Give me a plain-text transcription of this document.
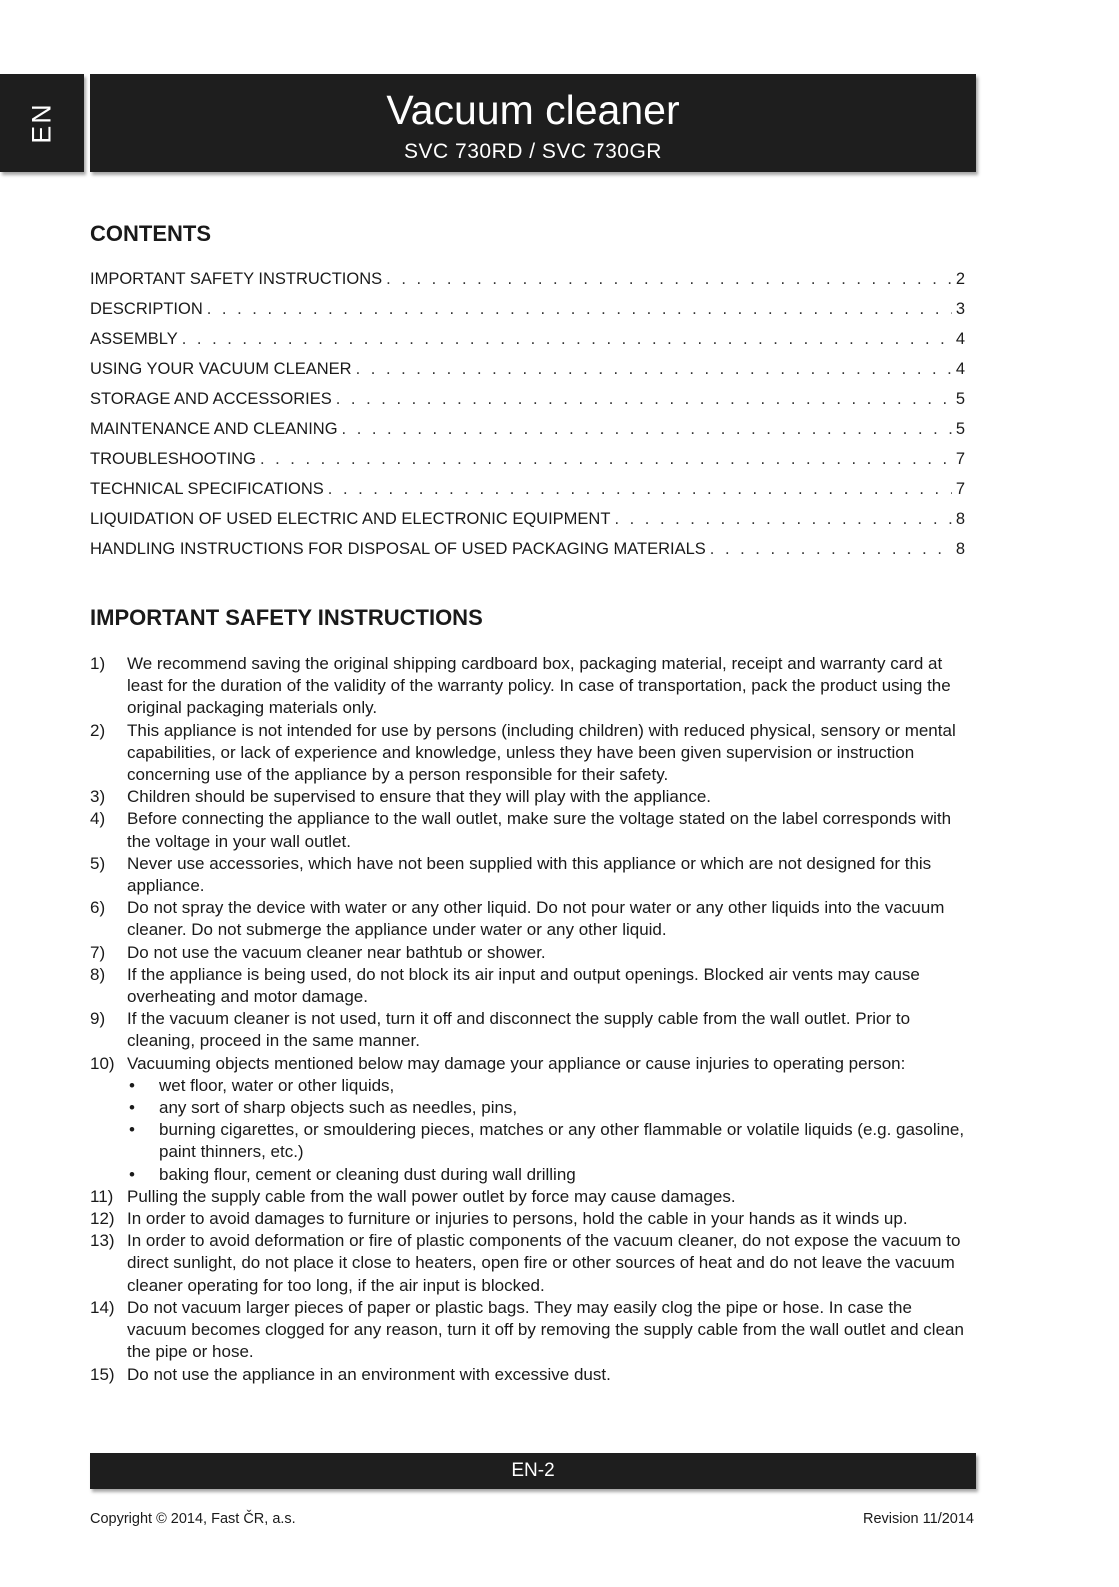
EN	Vacuum cleaner
SVC 730RD / SVC 730GR
CONTENTS
IMPORTANT SAFETY INSTRUCTIONS . . .	2
DESCRIPTION . . .	3
ASSEMBLY . . .	4
USING YOUR VACUUM CLEANER . . .	4
STORAGE AND ACCESSORIES . . .	5
MAINTENANCE AND CLEANING . . .	5
TROUBLESHOOTING . . .	7
TECHNICAL SPECIFICATIONS . . .	7
LIQUIDATION OF USED ELECTRIC AND ELECTRONIC EQUIPMENT . . .	8
HANDLING INSTRUCTIONS FOR DISPOSAL OF USED PACKAGING MATERIALS . . .	8
IMPORTANT SAFETY INSTRUCTIONS
1)	We recommend saving the original shipping cardboard box, packaging material, receipt and warranty card at least for the duration of the validity of the warranty policy. In case of transportation, pack the product using the original packaging materials only.
2)	This appliance is not intended for use by persons (including children) with reduced physical, sensory or mental capabilities, or lack of experience and knowledge, unless they have been given supervision or instruction concerning use of the appliance by a person responsible for their safety.
3)	Children should be supervised to ensure that they will play with the appliance.
4)	Before connecting the appliance to the wall outlet, make sure the voltage stated on the label corresponds with the voltage in your wall outlet.
5)	Never use accessories, which have not been supplied with this appliance or which are not designed for this appliance.
6)	Do not spray the device with water or any other liquid. Do not pour water or any other liquids into the vacuum cleaner. Do not submerge the appliance under water or any other liquid.
7)	Do not use the vacuum cleaner near bathtub or shower.
8)	If the appliance is being used, do not block its air input and output openings. Blocked air vents may cause overheating and motor damage.
9)	If the vacuum cleaner is not used, turn it off and disconnect the supply cable from the wall outlet. Prior to cleaning, proceed in the same manner.
10) Vacuuming objects mentioned below may damage your appliance or cause injuries to operating person:
•	wet floor, water or other liquids,
•	any sort of sharp objects such as needles, pins,
•	burning cigarettes, or smouldering pieces, matches or any other flammable or volatile liquids (e.g. gasoline, paint thinners, etc.)
•	baking flour, cement or cleaning dust during wall drilling
11) Pulling the supply cable from the wall power outlet by force may cause damages.
12) In order to avoid damages to furniture or injuries to persons, hold the cable in your hands as it winds up.
13) In order to avoid deformation or fire of plastic components of the vacuum cleaner, do not expose the vacuum to direct sunlight, do not place it close to heaters, open fire or other sources of heat and do not leave the vacuum cleaner operating for too long, if the air input is blocked.
14) Do not vacuum larger pieces of paper or plastic bags. They may easily clog the pipe or hose. In case the vacuum becomes clogged for any reason, turn it off by removing the supply cable from the wall outlet and clean the pipe or hose.
15) Do not use the appliance in an environment with excessive dust.
EN-2
Copyright © 2014, Fast ČR, a.s.	Revision 11/2014
